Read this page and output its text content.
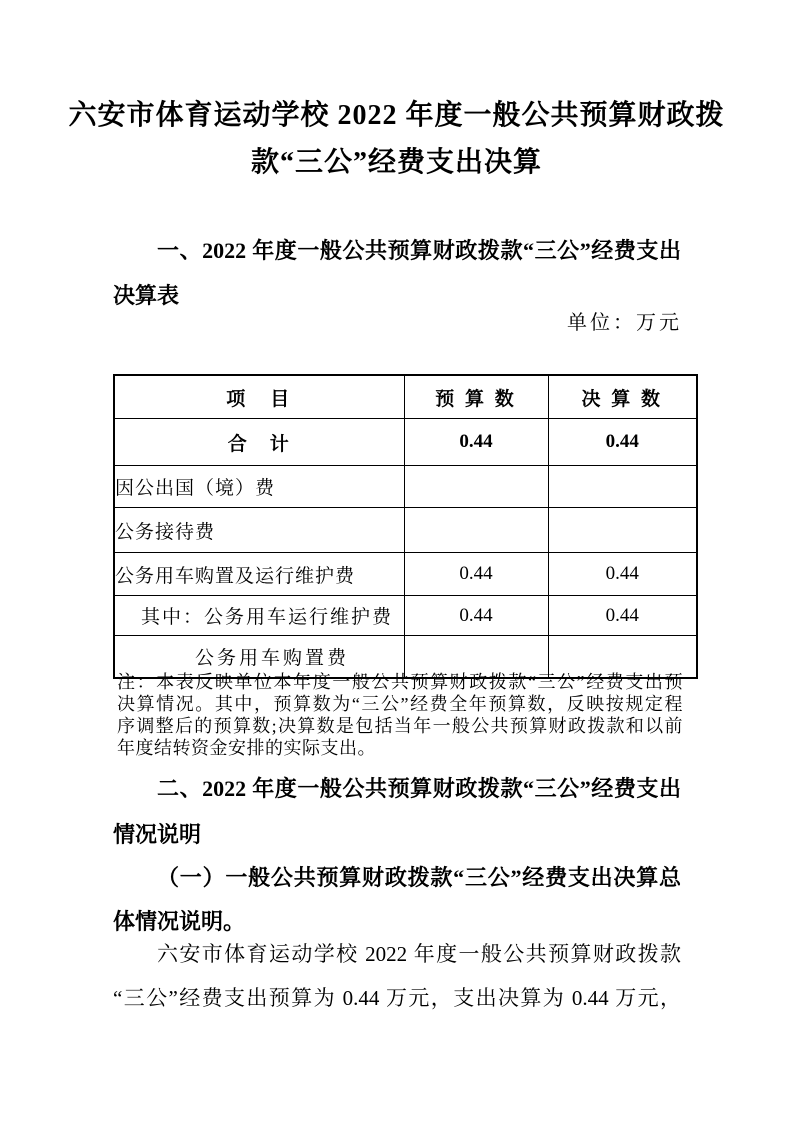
六安市体育运动学校 2022 年度一般公共预算财政拨
款“三公”经费支出决算
一、2022 年度一般公共预算财政拨款“三公”经费支出
决算表
单位：万元
项　目	预 算 数	决 算 数
合　计	0.44	0.44
因公出国（境）费		
公务接待费		
公务用车购置及运行维护费	0.44	0.44
其中：公务用车运行维护费	0.44	0.44
公务用车购置费		
注：本表反映单位本年度一般公共预算财政拨款“三公”经费支出预
决算情况。其中，预算数为“三公”经费全年预算数，反映按规定程
序调整后的预算数;决算数是包括当年一般公共预算财政拨款和以前
年度结转资金安排的实际支出。
二、2022 年度一般公共预算财政拨款“三公”经费支出
情况说明
（一）一般公共预算财政拨款“三公”经费支出决算总
体情况说明。
六安市体育运动学校 2022 年度一般公共预算财政拨款
“三公”经费支出预算为 0.44 万元，支出决算为 0.44 万元，
